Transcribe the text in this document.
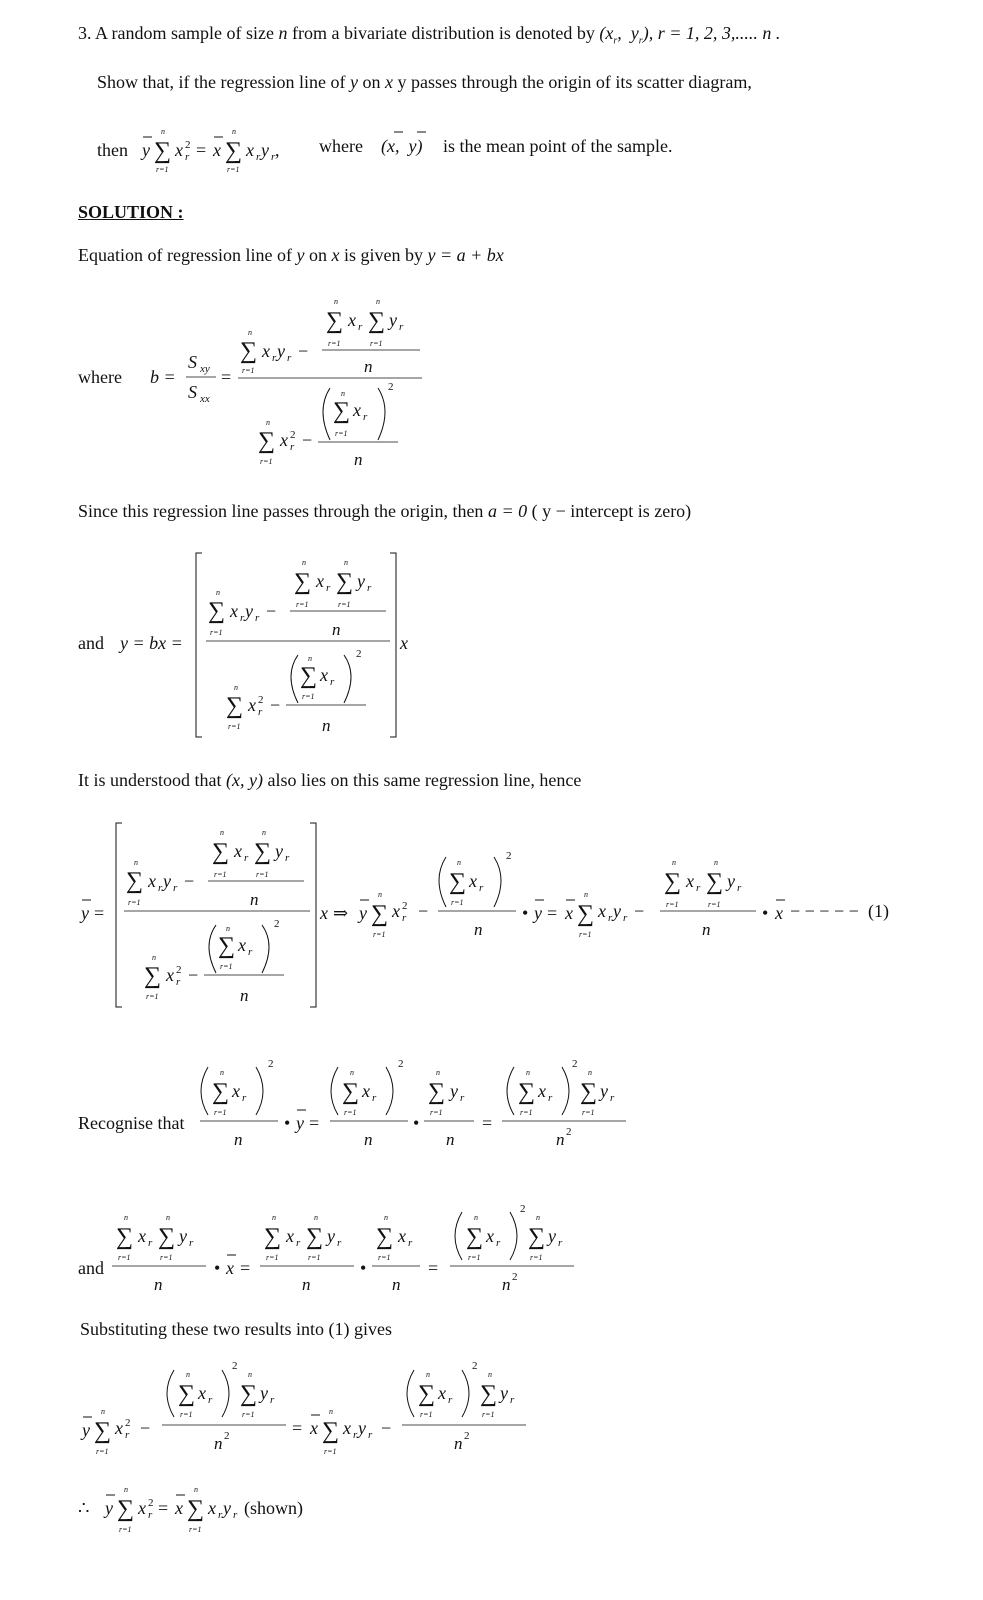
3. A random sample of size n from a bivariate distribution is denoted by ($x_r$,  $y_r$), r = 1, 2, 3,..... n .
Show that, if the regression line of y on x y passes through the origin of its scatter diagram,
then y ∑
n
r=1
x r
2 = x ∑
n
r=1
x r y r , where (x,  y) is the mean point of the sample.
SOLUTION :
Equation of regression line of y on x is given by y = a + bx
where b =
S xy
S xx
=
∑
n
r=1
x r y r −
∑
n
r=1
x r ∑
n
r=1
y r
n
∑
n
r=1
x r
2 −
∑
n
r=1
x r
2
n
Since this regression line passes through the origin, then a = 0 ( y − intercept is zero)
and y = bx =
∑
n
r=1
x r y r −
∑
n
r=1
x r ∑
n
r=1
y r
n
∑
n
r=1
x r
2 −
∑
n
r=1
x r
2
n
x
It is understood that (x, y) also lies on this same regression line, hence
y =
∑
n
r=1
x r y r −
∑
n
r=1
x r ∑
n
r=1
y r
n
∑
n
r=1
x r
2 −
∑
n
r=1
x r
2
n
x ⇒ y ∑
n
r=1
x r
2 −
∑
n
r=1
x r
2
n
• y = x ∑
n
r=1
x r y r −
∑
n
r=1
x r ∑
n
r=1
y r
n
• x − − − − − (1)
Recognise that
∑
n
r=1
x r
2
n
• y =
∑
n
r=1
x r
2
n
•
∑
n
r=1
y r
n
=
∑
n
r=1
x r
2
∑
n
r=1
y r
n 2
and
∑
n
r=1
x r ∑
n
r=1
y r
n
• x =
∑
n
r=1
x r ∑
n
r=1
y r
n
•
∑
n
r=1
x r
n
=
∑
n
r=1
x r
2
∑
n
r=1
y r
n 2
Substituting these two results into (1) gives
y ∑
n
r=1
x r
2 −
∑
n
r=1
x r
2
∑
n
r=1
y r
n 2	= x ∑
n
r=1
x r y r −
∑
n
r=1
x r
2
∑
n
r=1
y r
n 2
∴ y ∑
n
r=1
x r
2 = x ∑
n
r=1
x r y r (shown)
